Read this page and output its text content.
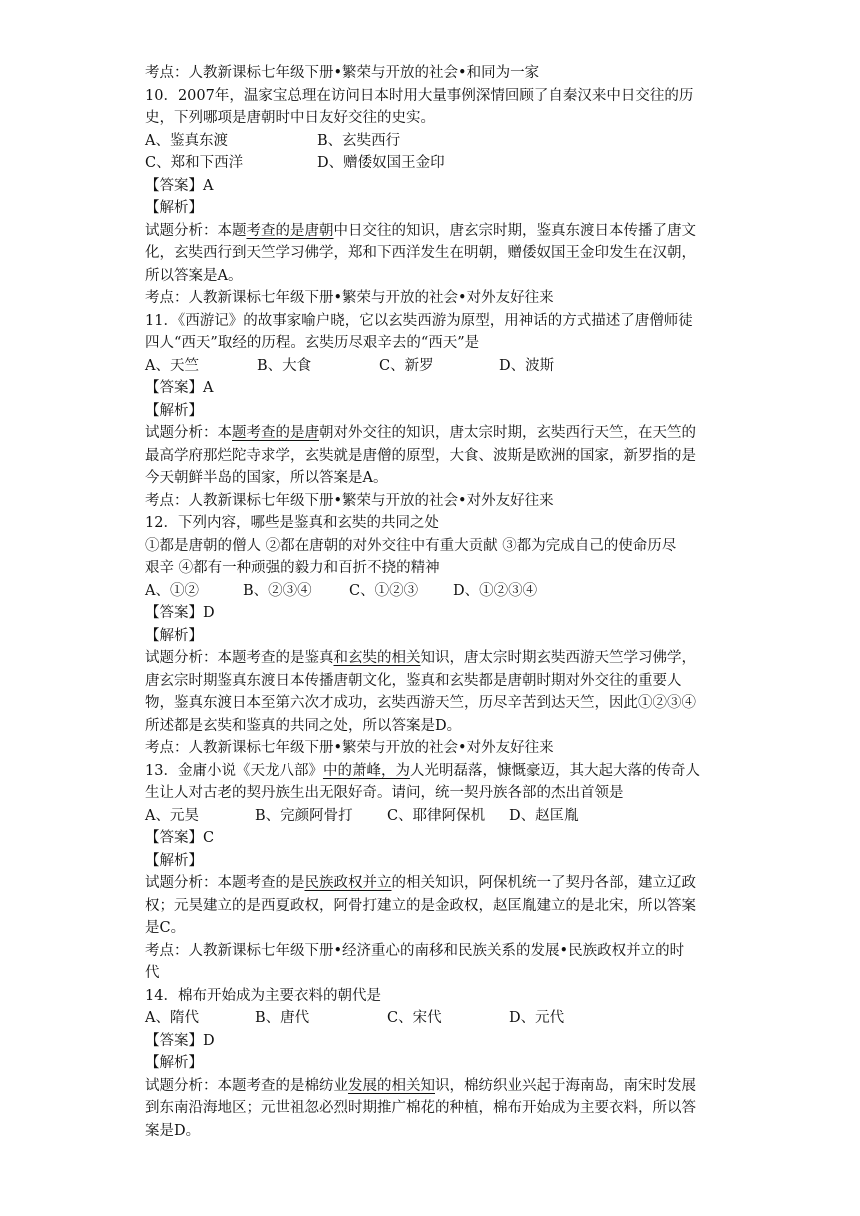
考点：人教新课标七年级下册•繁荣与开放的社会•和同为一家
10．2007年，温家宝总理在访问日本时用大量事例深情回顾了自秦汉来中日交往的历
史，下列哪项是唐朝时中日友好交往的史实。
A、鉴真东渡	B、玄奘西行
C、郑和下西洋	D、赠倭奴国王金印
【答案】A
【解析】
试题分析：本题考查的是唐朝中日交往的知识，唐玄宗时期，鉴真东渡日本传播了唐文
化，玄奘西行到天竺学习佛学，郑和下西洋发生在明朝，赠倭奴国王金印发生在汉朝，
所以答案是A。
考点：人教新课标七年级下册•繁荣与开放的社会•对外友好往来
11．《西游记》的故事家喻户晓，它以玄奘西游为原型，用神话的方式描述了唐僧师徒
四人“西天”取经的历程。玄奘历尽艰辛去的“西天”是
A、天竺	B、大食	C、新罗	D、波斯
【答案】A
【解析】
试题分析：本题考查的是唐朝对外交往的知识，唐太宗时期，玄奘西行天竺，在天竺的
最高学府那烂陀寺求学，玄奘就是唐僧的原型，大食、波斯是欧洲的国家，新罗指的是
今天朝鲜半岛的国家，所以答案是A。
考点：人教新课标七年级下册•繁荣与开放的社会•对外友好往来
12．下列内容，哪些是鉴真和玄奘的共同之处
①都是唐朝的僧人 ②都在唐朝的对外交往中有重大贡献 ③都为完成自己的使命历尽
艰辛 ④都有一种顽强的毅力和百折不挠的精神
A、①②	B、②③④	C、①②③ D、①②③④
【答案】D
【解析】
试题分析：本题考查的是鉴真和玄奘的相关知识，唐太宗时期玄奘西游天竺学习佛学，
唐玄宗时期鉴真东渡日本传播唐朝文化，鉴真和玄奘都是唐朝时期对外交往的重要人
物，鉴真东渡日本至第六次才成功，玄奘西游天竺，历尽辛苦到达天竺，因此①②③④
所述都是玄奘和鉴真的共同之处，所以答案是D。
考点：人教新课标七年级下册•繁荣与开放的社会•对外友好往来
13．金庸小说《天龙八部》中的萧峰，为人光明磊落，慷慨豪迈，其大起大落的传奇人
生让人对古老的契丹族生出无限好奇。请问，统一契丹族各部的杰出首领是
A、元昊	B、完颜阿骨打 C、耶律阿保机 D、赵匡胤
【答案】C
【解析】
试题分析：本题考查的是民族政权并立的相关知识，阿保机统一了契丹各部，建立辽政
权；元昊建立的是西夏政权，阿骨打建立的是金政权，赵匡胤建立的是北宋，所以答案
是C。
考点：人教新课标七年级下册•经济重心的南移和民族关系的发展•民族政权并立的时
代
14．棉布开始成为主要衣料的朝代是
A、隋代	B、唐代	C、宋代	D、元代
【答案】D
【解析】
试题分析：本题考查的是棉纺业发展的相关知识，棉纺织业兴起于海南岛，南宋时发展
到东南沿海地区；元世祖忽必烈时期推广棉花的种植，棉布开始成为主要衣料，所以答
案是D。
